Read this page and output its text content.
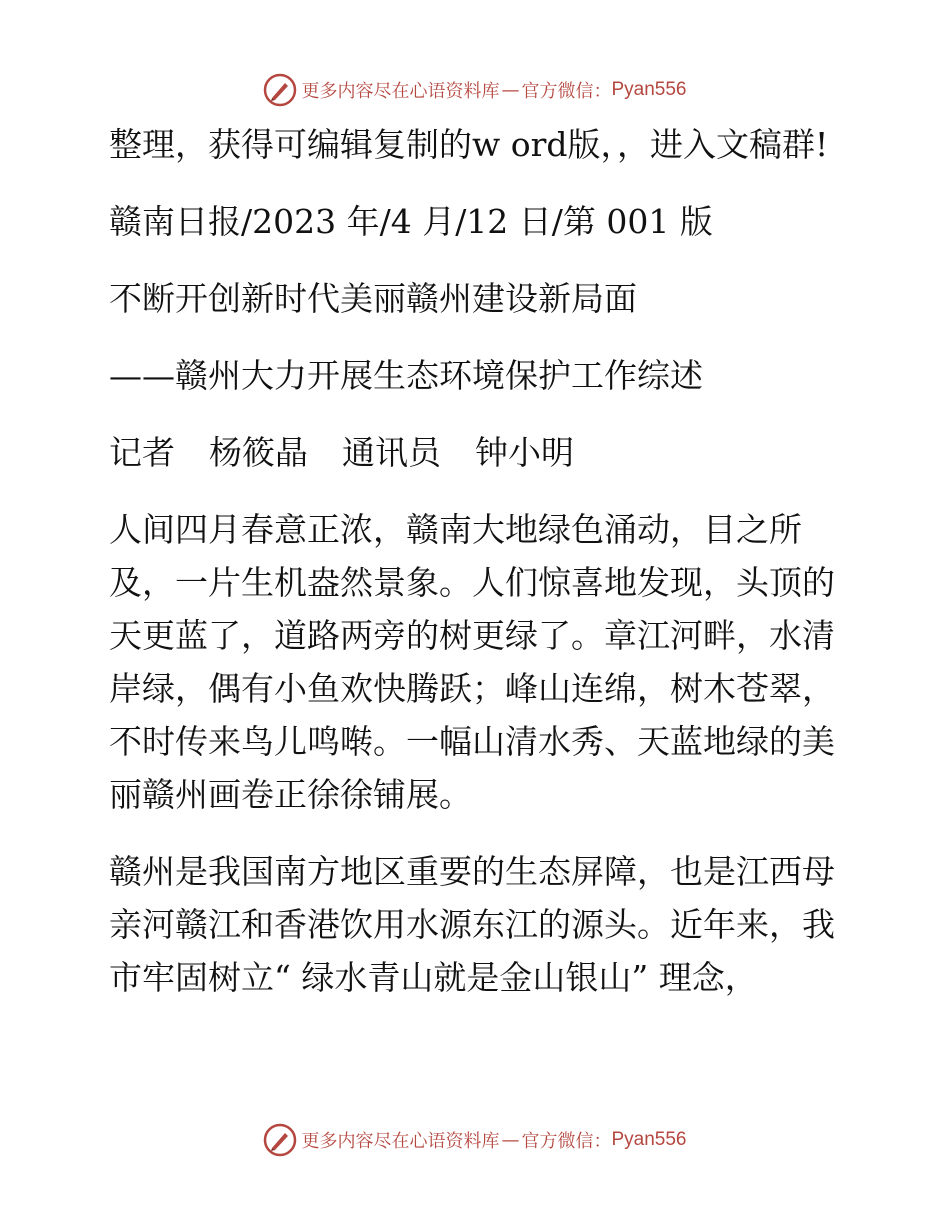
更多内容尽在心语资料库 — 官方微信： Pyan556

整理，获得可编辑复制的w ord版，，进入文稿群!

赣南日报/2023 年/4 月/12 日/第 001 版

不断开创新时代美丽赣州建设新局面

——赣州大力开展生态环境保护工作综述

记者 杨筱晶 通讯员 钟小明

人间四月春意正浓，赣南大地绿色涌动，目之所及，一片生机盎然景象。人们惊喜地发现，头顶的天更蓝了，道路两旁的树更绿了。章江河畔，水清岸绿，偶有小鱼欢快腾跃；峰山连绵，树木苍翠，不时传来鸟儿鸣啭。一幅山清水秀、天蓝地绿的美丽赣州画卷正徐徐铺展。

赣州是我国南方地区重要的生态屏障，也是江西母亲河赣江和香港饮用水源东江的源头。近年来，我市牢固树立“ 绿水青山就是金山银山” 理念，

更多内容尽在心语资料库 — 官方微信： Pyan556
